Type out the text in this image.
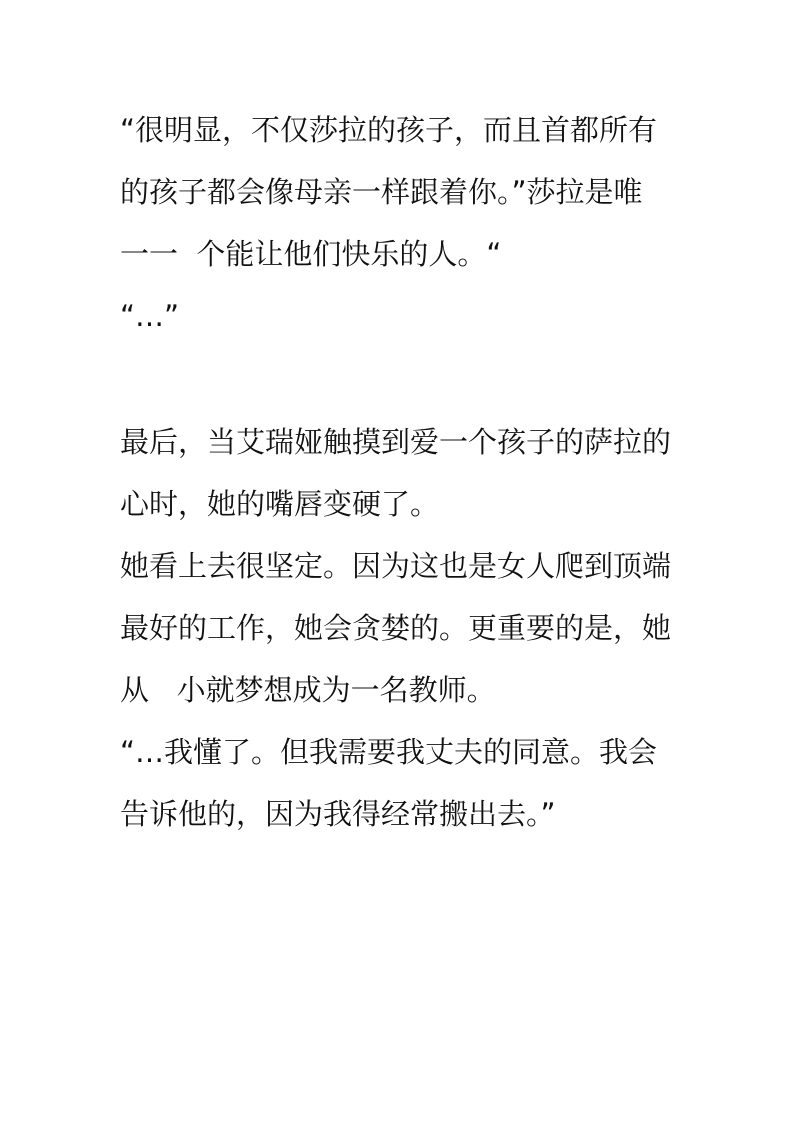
“很明显，不仅莎拉的孩子，而且首都所有
的孩子都会像母亲一样跟着你。”莎拉是唯
一一  个能让他们快乐的人。“
“…”
最后，当艾瑞娅触摸到爱一个孩子的萨拉的
心时，她的嘴唇变硬了。
她看上去很坚定。因为这也是女人爬到顶端
最好的工作，她会贪婪的。更重要的是，她
从   小就梦想成为一名教师。
“…我懂了。但我需要我丈夫的同意。我会
告诉他的，因为我得经常搬出去。”
